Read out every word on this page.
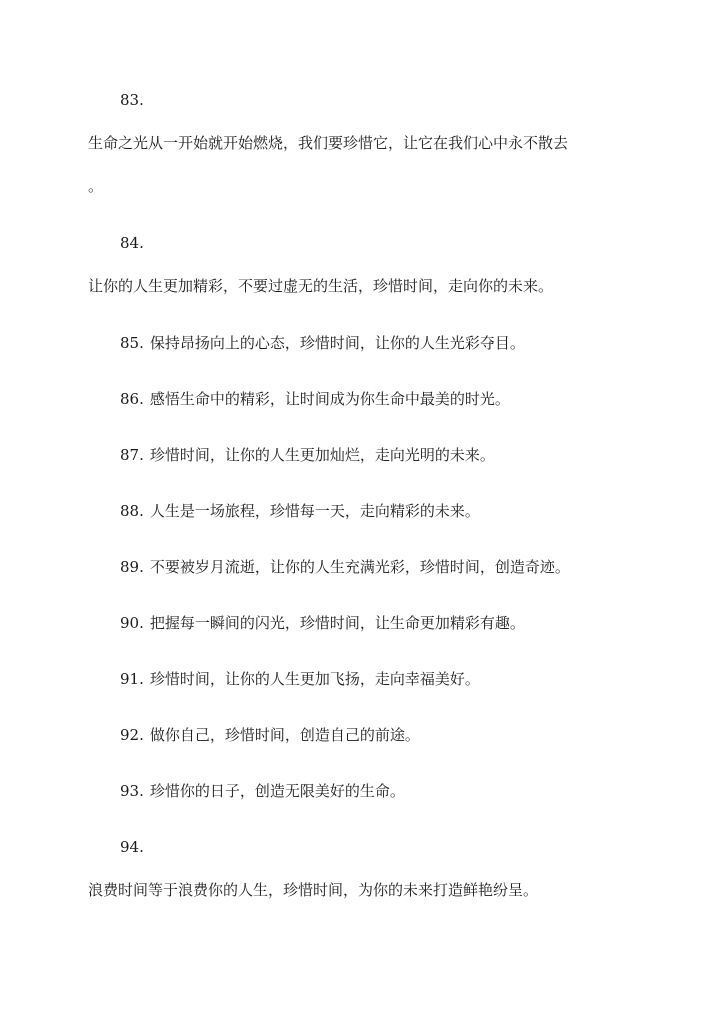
83.
生命之光从一开始就开始燃烧，我们要珍惜它，让它在我们心中永不散去
。
84.
让你的人生更加精彩，不要过虚无的生活，珍惜时间，走向你的未来。
85. 保持昂扬向上的心态，珍惜时间，让你的人生光彩夺目。
86. 感悟生命中的精彩，让时间成为你生命中最美的时光。
87. 珍惜时间，让你的人生更加灿烂，走向光明的未来。
88. 人生是一场旅程，珍惜每一天，走向精彩的未来。
89. 不要被岁月流逝，让你的人生充满光彩，珍惜时间，创造奇迹。
90. 把握每一瞬间的闪光，珍惜时间，让生命更加精彩有趣。
91. 珍惜时间，让你的人生更加飞扬，走向幸福美好。
92. 做你自己，珍惜时间，创造自己的前途。
93. 珍惜你的日子，创造无限美好的生命。
94.
浪费时间等于浪费你的人生，珍惜时间，为你的未来打造鲜艳纷呈。
